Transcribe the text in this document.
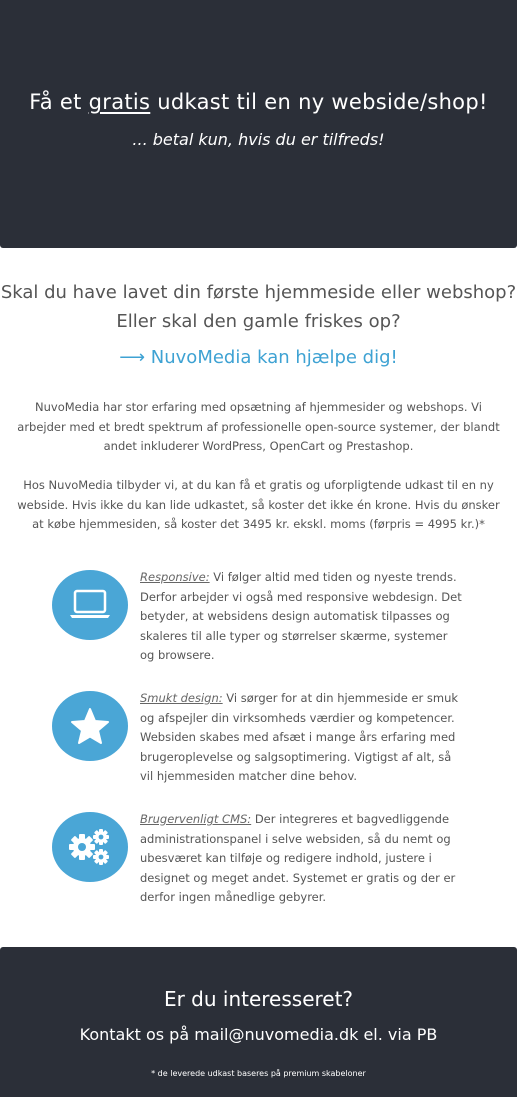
Få et gratis udkast til en ny webside/shop!
... betal kun, hvis du er tilfreds!
Skal du have lavet din første hjemmeside eller webshop?
Eller skal den gamle friskes op?
⟶ NuvoMedia kan hjælpe dig!
NuvoMedia har stor erfaring med opsætning af hjemmesider og webshops. Vi arbejder med et bredt spektrum af professionelle open-source systemer, der blandt andet inkluderer WordPress, OpenCart og Prestashop.
Hos NuvoMedia tilbyder vi, at du kan få et gratis og uforpligtende udkast til en ny webside. Hvis ikke du kan lide udkastet, så koster det ikke én krone. Hvis du ønsker at købe hjemmesiden, så koster det 3495 kr. ekskl. moms (førpris = 4995 kr.)*
Responsive: Vi følger altid med tiden og nyeste trends. Derfor arbejder vi også med responsive webdesign. Det betyder, at websidens design automatisk tilpasses og skaleres til alle typer og størrelser skærme, systemer og browsere.
Smukt design: Vi sørger for at din hjemmeside er smuk og afspejler din virksomheds værdier og kompetencer. Websiden skabes med afsæt i mange års erfaring med brugeroplevelse og salgsoptimering. Vigtigst af alt, så vil hjemmesiden matcher dine behov.
Brugervenligt CMS: Der integreres et bagvedliggende administrationspanel i selve websiden, så du nemt og ubesværet kan tilføje og redigere indhold, justere i designet og meget andet. Systemet er gratis og der er derfor ingen månedlige gebyrer.
Er du interesseret?
Kontakt os på mail@nuvomedia.dk el. via PB
* de leverede udkast baseres på premium skabeloner
